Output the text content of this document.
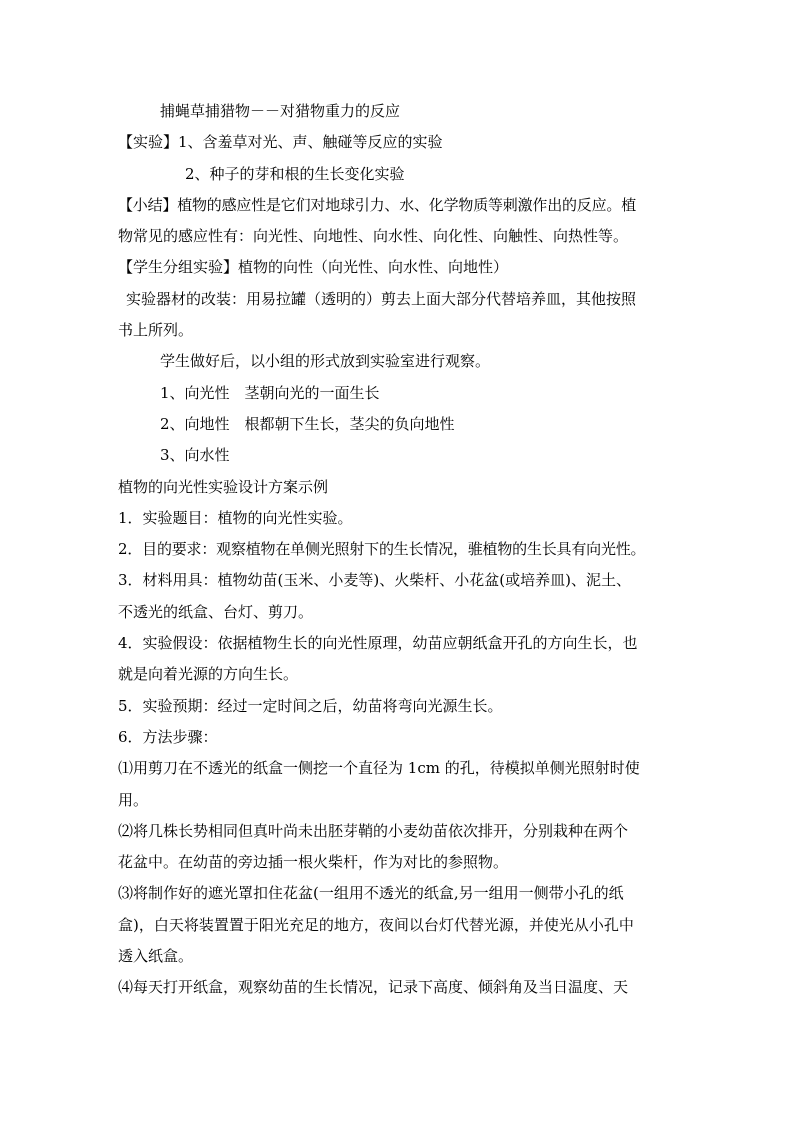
捕蝇草捕猎物－－对猎物重力的反应
【实验】1、含羞草对光、声、触碰等反应的实验
2、种子的芽和根的生长变化实验
【小结】植物的感应性是它们对地球引力、水、化学物质等刺激作出的反应。植
物常见的感应性有：向光性、向地性、向水性、向化性、向触性、向热性等。
【学生分组实验】植物的向性（向光性、向水性、向地性）
实验器材的改装：用易拉罐（透明的）剪去上面大部分代替培养皿，其他按照
书上所列。
学生做好后，以小组的形式放到实验室进行观察。
1、向光性　茎朝向光的一面生长
2、向地性　根都朝下生长，茎尖的负向地性
3、向水性
植物的向光性实验设计方案示例
1．实验题目：植物的向光性实验。
2．目的要求：观察植物在单侧光照射下的生长情况，骓植物的生长具有向光性。
3．材料用具：植物幼苗(玉米、小麦等)、火柴杆、小花盆(或培养皿)、泥土、
不透光的纸盒、台灯、剪刀。
4．实验假设：依据植物生长的向光性原理，幼苗应朝纸盒开孔的方向生长，也
就是向着光源的方向生长。
5．实验预期：经过一定时间之后，幼苗将弯向光源生长。
6．方法步骤：
⑴用剪刀在不透光的纸盒一侧挖一个直径为 1cm 的孔，待模拟单侧光照射时使
用。
⑵将几株长势相同但真叶尚未出胚芽鞘的小麦幼苗依次排开，分别栽种在两个
花盆中。在幼苗的旁边插一根火柴杆，作为对比的参照物。
⑶将制作好的遮光罩扣住花盆(一组用不透光的纸盒,另一组用一侧带小孔的纸
盒)，白天将装置置于阳光充足的地方，夜间以台灯代替光源，并使光从小孔中
透入纸盒。
⑷每天打开纸盒，观察幼苗的生长情况，记录下高度、倾斜角及当日温度、天
